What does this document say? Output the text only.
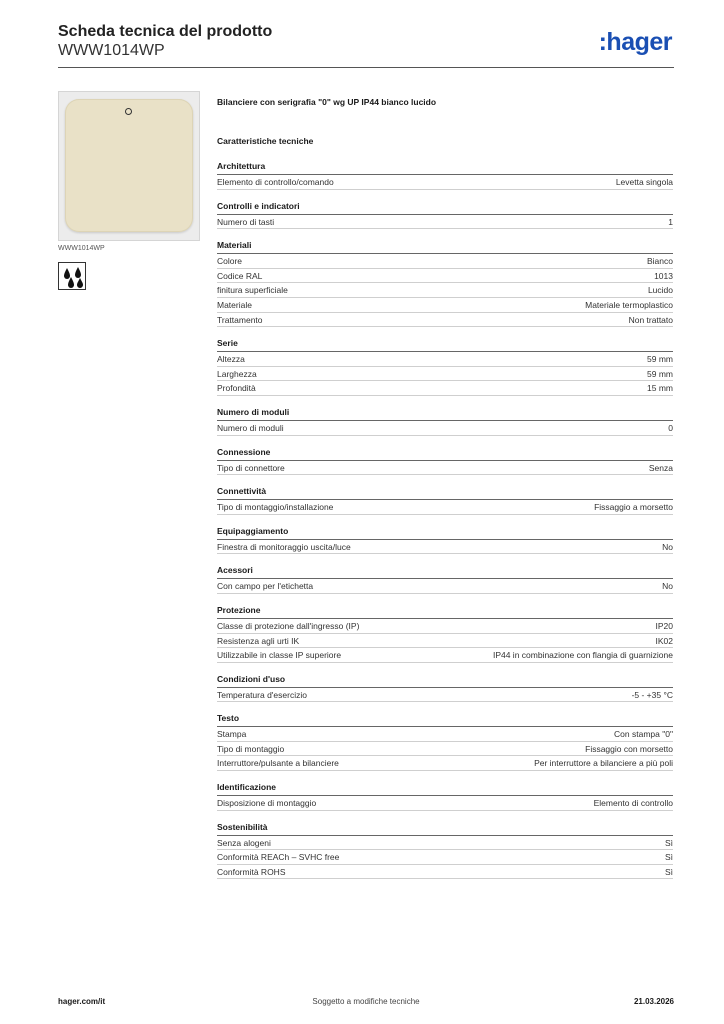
Scheda tecnica del prodotto
WWW1014WP	:hager
WWW1014WP
Bilanciere con serigrafia "0" wg UP IP44 bianco lucido
Caratteristiche tecniche
Architettura
Elemento di controllo/comando	Levetta singola
Controlli e indicatori
Numero di tasti	1
Materiali
Colore	Bianco
Codice RAL	1013
finitura superficiale	Lucido
Materiale	Materiale termoplastico
Trattamento	Non trattato
Serie
Altezza	59 mm
Larghezza	59 mm
Profondità	15 mm
Numero di moduli
Numero di moduli	0
Connessione
Tipo di connettore	Senza
Connettività
Tipo di montaggio/installazione	Fissaggio a morsetto
Equipaggiamento
Finestra di monitoraggio uscita/luce	No
Acessori
Con campo per l'etichetta	No
Protezione
Classe di protezione dall'ingresso (IP)	IP20
Resistenza agli urti IK	IK02
Utilizzabile in classe IP superiore	IP44 in combinazione con flangia di guarnizione
Condizioni d'uso
Temperatura d'esercizio	-5 - +35 °C
Testo
Stampa	Con stampa "0"
Tipo di montaggio	Fissaggio con morsetto
Interruttore/pulsante a bilanciere	Per interruttore a bilanciere a più poli
Identificazione
Disposizione di montaggio	Elemento di controllo
Sostenibilità
Senza alogeni	Sì
Conformità REACh – SVHC free	Sì
Conformità ROHS	Sì
hager.com/it	Soggetto a modifiche tecniche	21.03.2026
